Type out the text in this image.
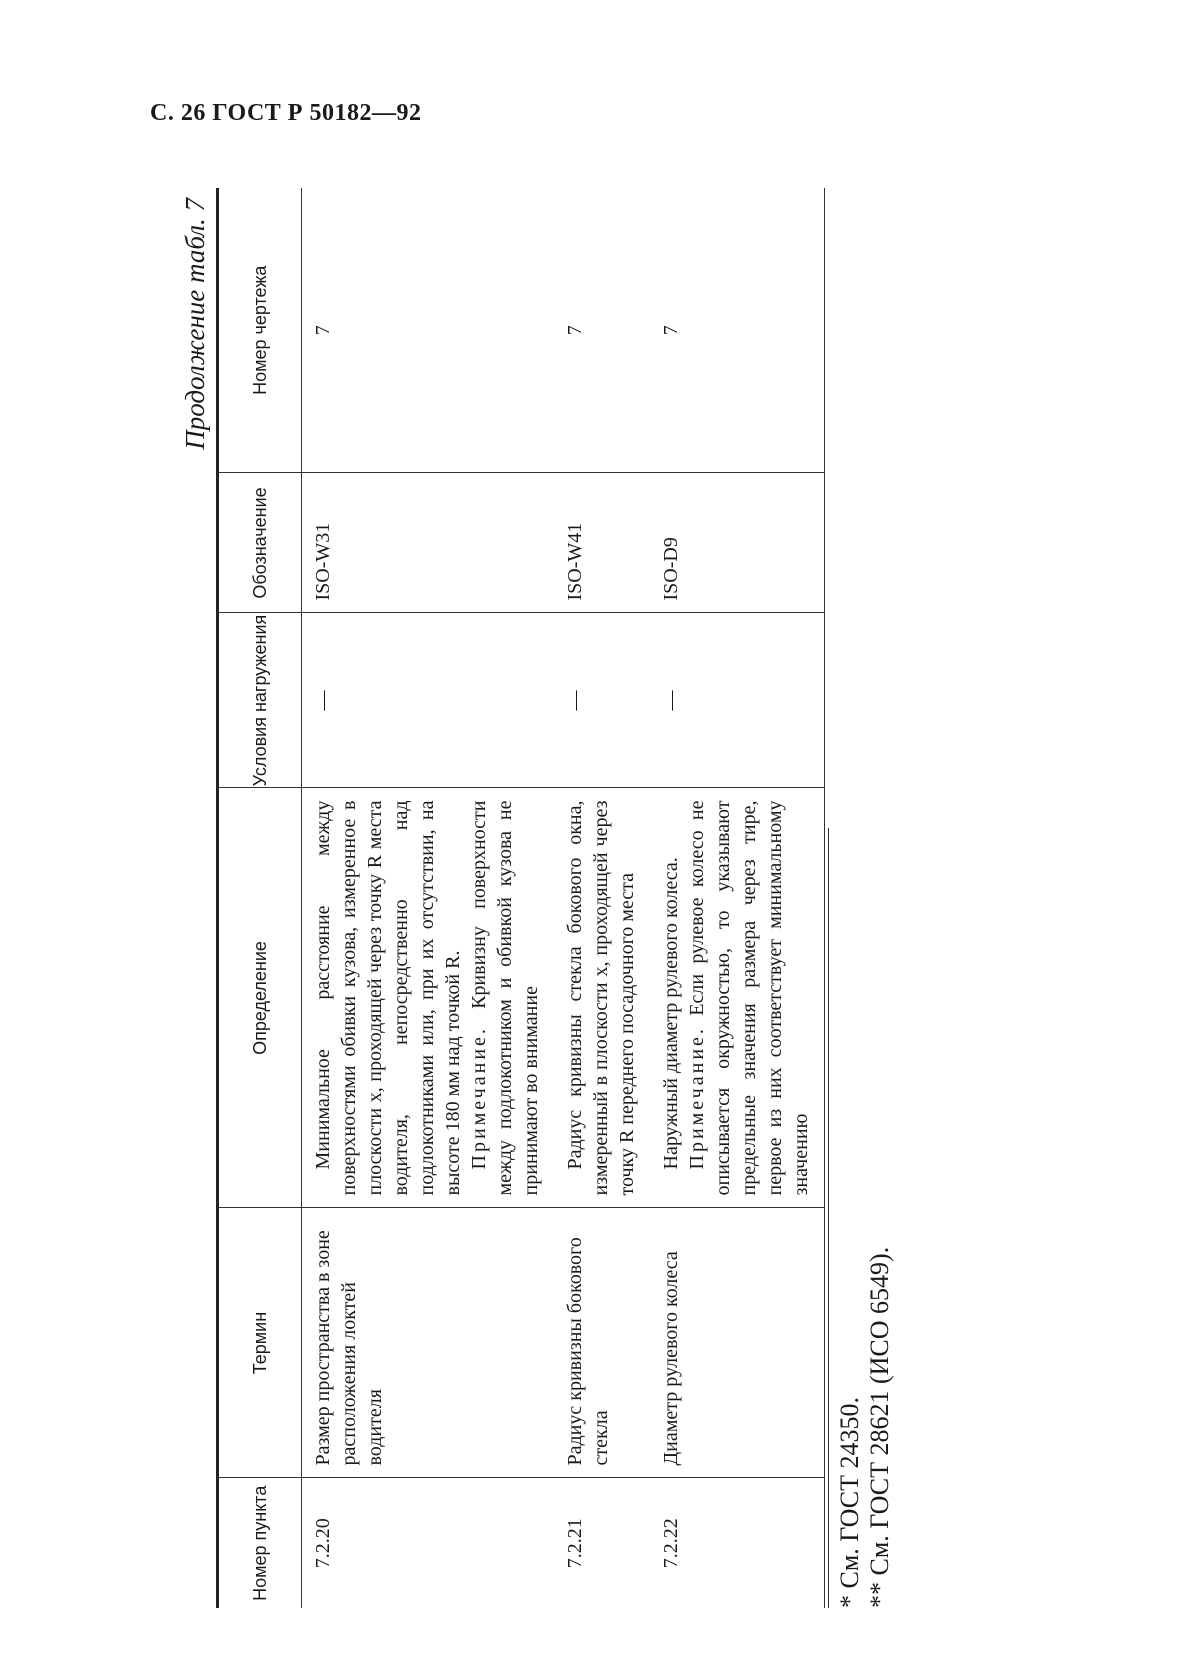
С. 26 ГОСТ Р 50182—92
Продолжение табл. 7
Номер пункта	Термин	Определение	Условия нагружения	Обозначение	Номер чертежа
7.2.20	Размер пространства в зоне расположения локтей водителя	Минимальное расстояние между поверхностями обивки кузова, измеренное в плоскости x, проходящей через точку R места водителя, непосредственно над подлокотниками или, при их отсутствии, на высоте 180 мм над точкой R. Примечание. Кривизну поверхности между подлокотником и обивкой кузова не принимают во внимание	—	ISO-W31	7
7.2.21	Радиус кривизны бокового стекла	Радиус кривизны стекла бокового окна, измеренный в плоскости x, проходящей через точку R переднего посадочного места	—	ISO-W41	7
7.2.22	Диаметр рулевого колеса	Наружный диаметр рулевого колеса. Примечание. Если рулевое колесо не описывается окружностью, то указывают предельные значения размера через тире, первое из них соответствует минимальному значению	—	ISO-D9	7
* См. ГОСТ 24350. ** См. ГОСТ 28621 (ИСО 6549).
